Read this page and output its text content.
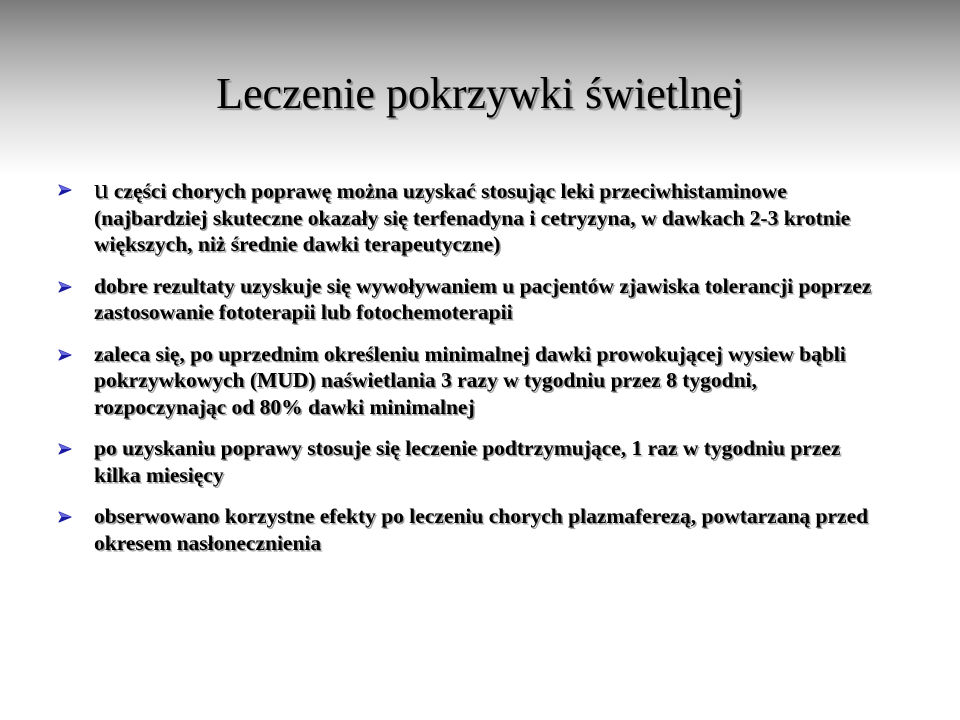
Leczenie pokrzywki świetlnej
u części chorych poprawę można uzyskać stosując leki przeciwhistaminowe (najbardziej skuteczne okazały się terfenadyna i cetryzyna, w dawkach 2-3 krotnie większych, niż średnie dawki terapeutyczne)
dobre rezultaty uzyskuje się wywoływaniem u pacjentów zjawiska tolerancji poprzez zastosowanie fototerapii lub fotochemoterapii
zaleca się, po uprzednim określeniu minimalnej dawki prowokującej wysiew bąbli pokrzywkowych (MUD) naświetlania 3 razy w tygodniu przez 8 tygodni, rozpoczynając od 80% dawki minimalnej
po uzyskaniu poprawy stosuje się leczenie podtrzymujące, 1 raz w tygodniu przez kilka miesięcy
obserwowano korzystne efekty po leczeniu chorych plazmaferezą, powtarzaną przed okresem nasłonecznienia
